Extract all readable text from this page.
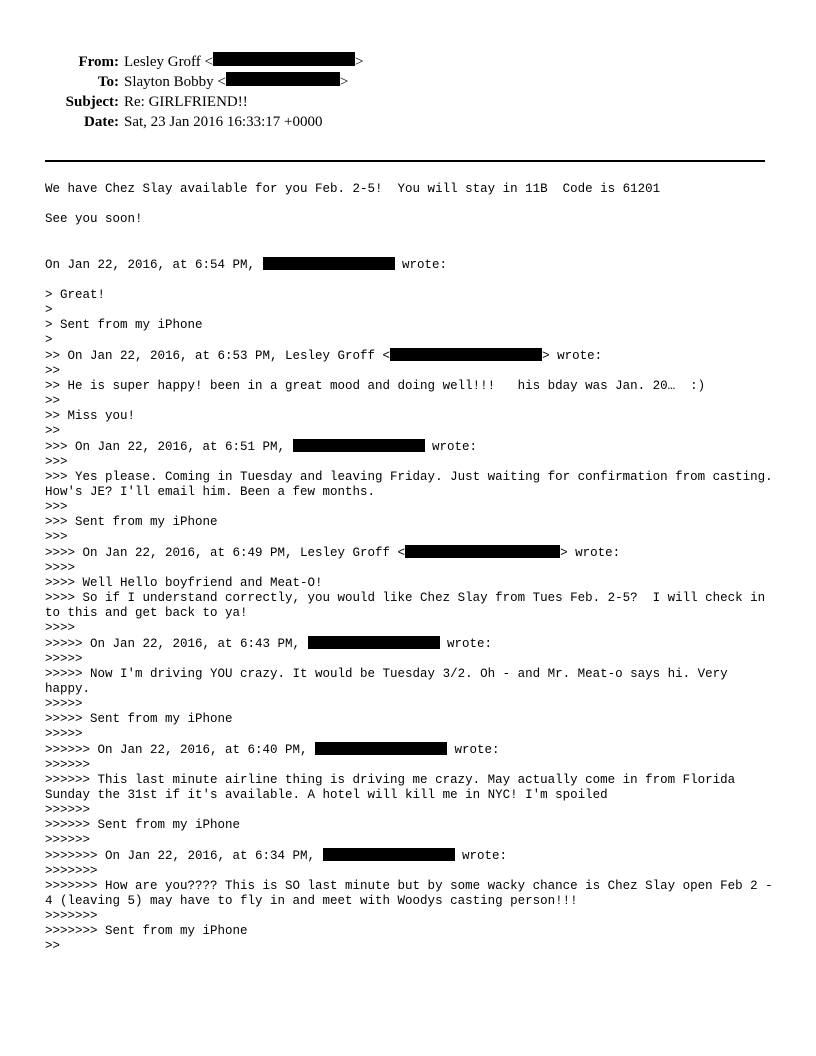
From: Lesley Groff <	>
To: Slayton Bobby <	>
Subject: Re: GIRLFRIEND!!
Date: Sat, 23 Jan 2016 16:33:17 +0000

We have Chez Slay available for you Feb. 2-5!  You will stay in 11B  Code is 61201

See you soon!

On Jan 22, 2016, at 6:54 PM,	wrote:

> Great!

>

> Sent from my iPhone

>

>> On Jan 22, 2016, at 6:53 PM, Lesley Groff <	> wrote:

>>

>> He is super happy! been in a great mood and doing well!!!   his bday was Jan. 20…  :)

>>

>> Miss you!

>>

>>> On Jan 22, 2016, at 6:51 PM,	wrote:

>>>

>>> Yes please. Coming in Tuesday and leaving Friday. Just waiting for confirmation from casting. How's JE? I'll email him. Been a few months.

>>>

>>> Sent from my iPhone

>>>

>>>> On Jan 22, 2016, at 6:49 PM, Lesley Groff <	> wrote:

>>>>

>>>> Well Hello boyfriend and Meat-O!

>>>> So if I understand correctly, you would like Chez Slay from Tues Feb. 2-5?  I will check in to this and get back to ya!

>>>>

>>>>> On Jan 22, 2016, at 6:43 PM,	wrote:

>>>>>

>>>>> Now I'm driving YOU crazy. It would be Tuesday 3/2. Oh - and Mr. Meat-o says hi. Very happy.

>>>>>

>>>>> Sent from my iPhone

>>>>>

>>>>>> On Jan 22, 2016, at 6:40 PM,	wrote:

>>>>>>

>>>>>> This last minute airline thing is driving me crazy. May actually come in from Florida Sunday the 31st if it's available. A hotel will kill me in NYC! I'm spoiled

>>>>>>

>>>>>> Sent from my iPhone

>>>>>>

>>>>>>> On Jan 22, 2016, at 6:34 PM,	wrote:

>>>>>>>

>>>>>>> How are you???? This is SO last minute but by some wacky chance is Chez Slay open Feb 2 - 4 (leaving 5) may have to fly in and meet with Woodys casting person!!!

>>>>>>>

>>>>>>> Sent from my iPhone

>>
